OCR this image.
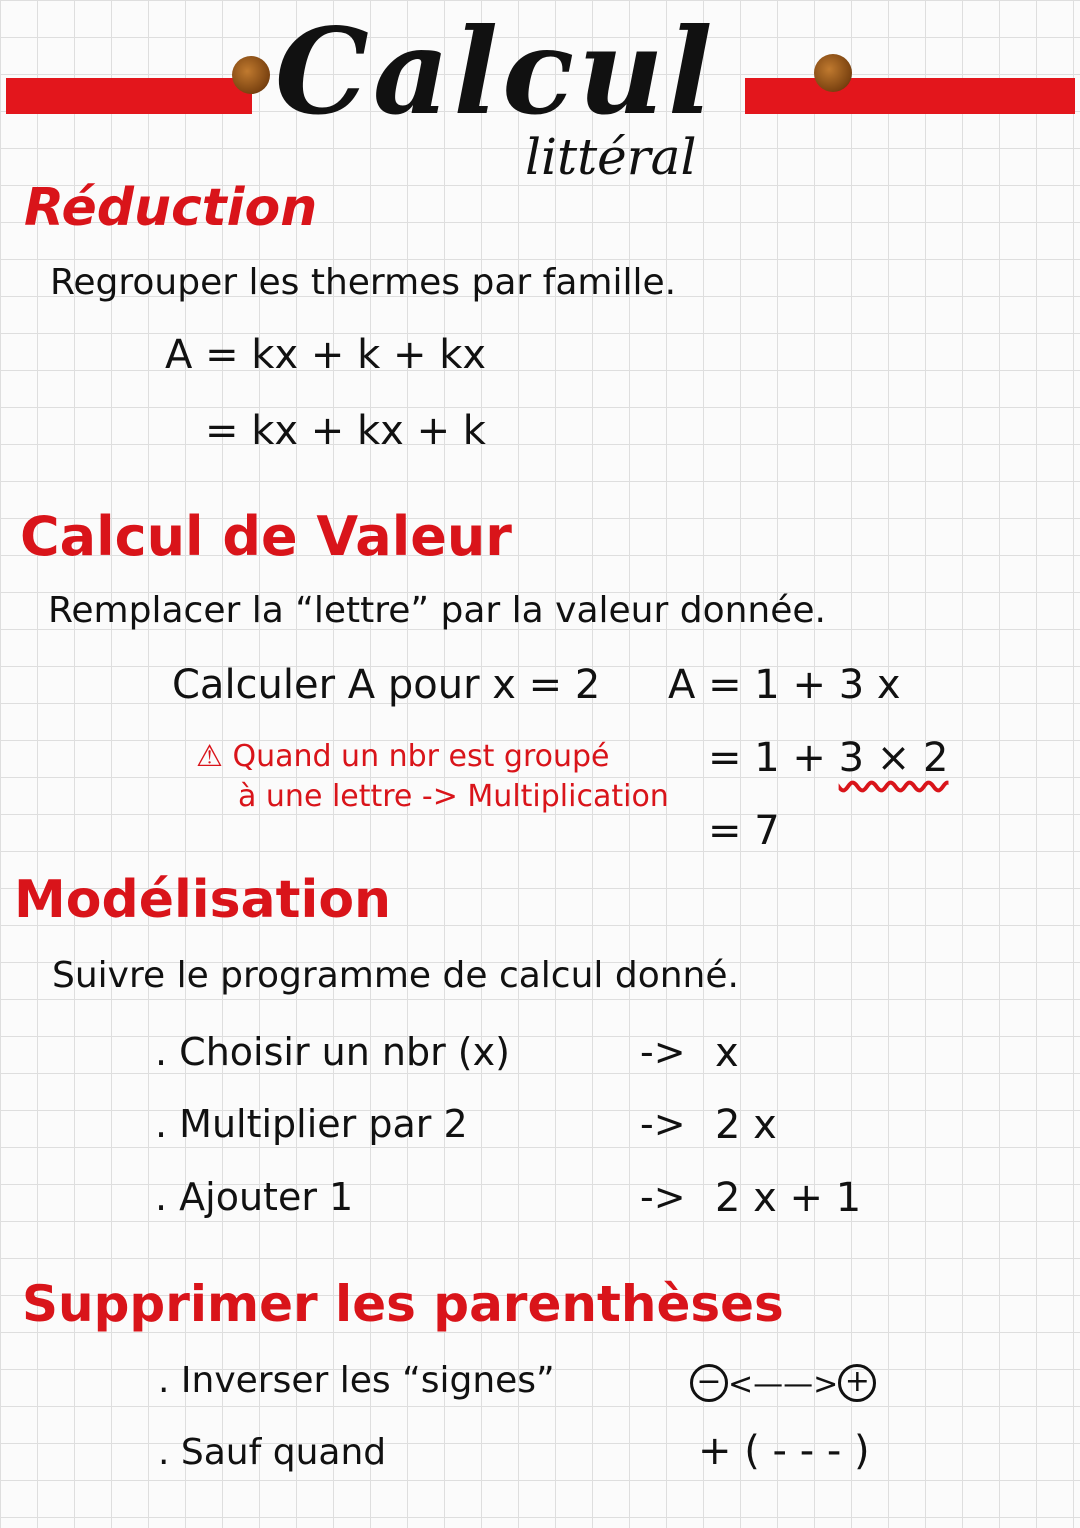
Calcul
littéral
Réduction
Regrouper les thermes par famille.
A = kx + k + kx
= kx + kx + k
Calcul de Valeur
Remplacer la “lettre” par la valeur donnée.
Calculer A pour x = 2 A = 1 + 3 x
= 1 + 3 × 2
= 7
⚠ Quand un nbr est groupé
à une lettre -> Multiplication
Modélisation
Suivre le programme de calcul donné.
. Choisir un nbr (x)	-> x
. Multiplier par 2	-> 2 x
. Ajouter 1	-> 2 x + 1
Supprimer les parenthèses
. Inverser les “signes”	− <——> +
. Sauf quand	+ ( - - - )
